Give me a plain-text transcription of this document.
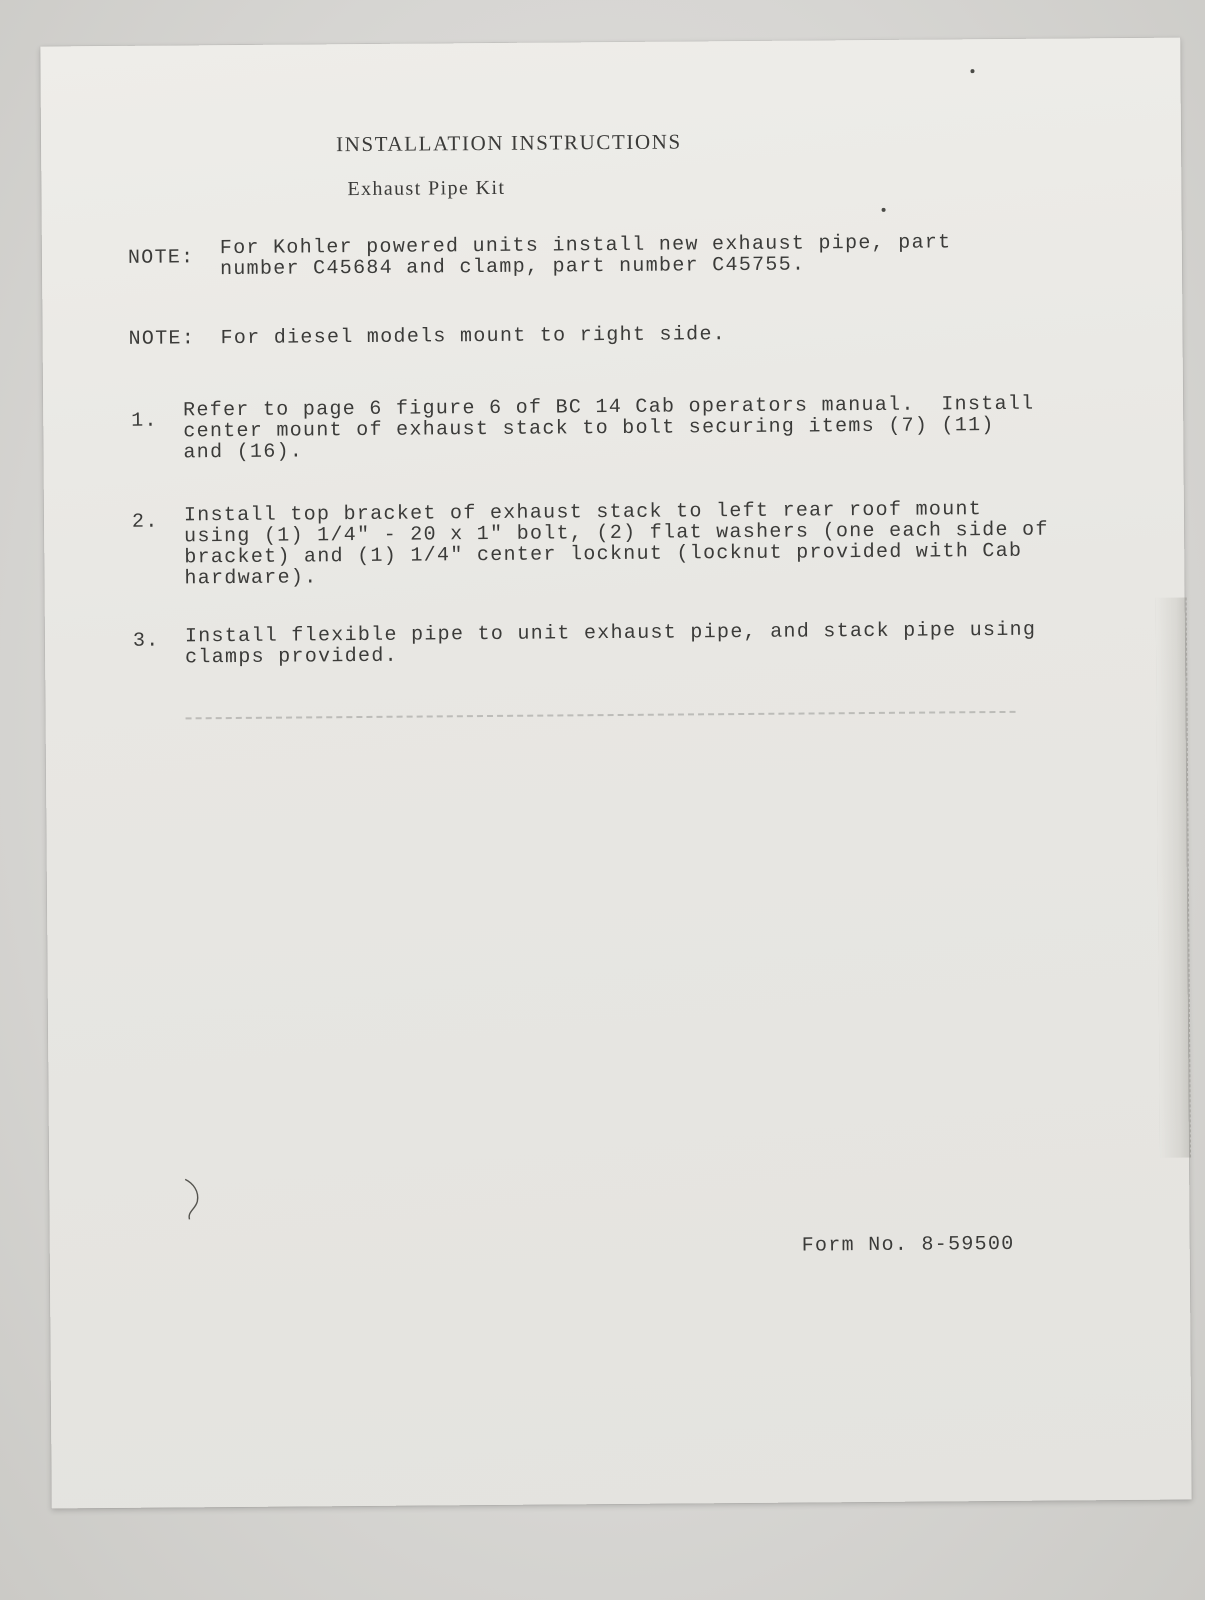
INSTALLATION INSTRUCTIONS
Exhaust Pipe Kit
NOTE: For Kohler powered units install new exhaust pipe, part
number C45684 and clamp, part number C45755.
NOTE: For diesel models mount to right side.
1. Refer to page 6 figure 6 of BC 14 Cab operators manual.  Install
center mount of exhaust stack to bolt securing items (7) (11)
and (16).
2. Install top bracket of exhaust stack to left rear roof mount
using (1) 1/4" - 20 x 1" bolt, (2) flat washers (one each side of
bracket) and (1) 1/4" center locknut (locknut provided with Cab
hardware).
3. Install flexible pipe to unit exhaust pipe, and stack pipe using
clamps provided.
Form No. 8-59500
